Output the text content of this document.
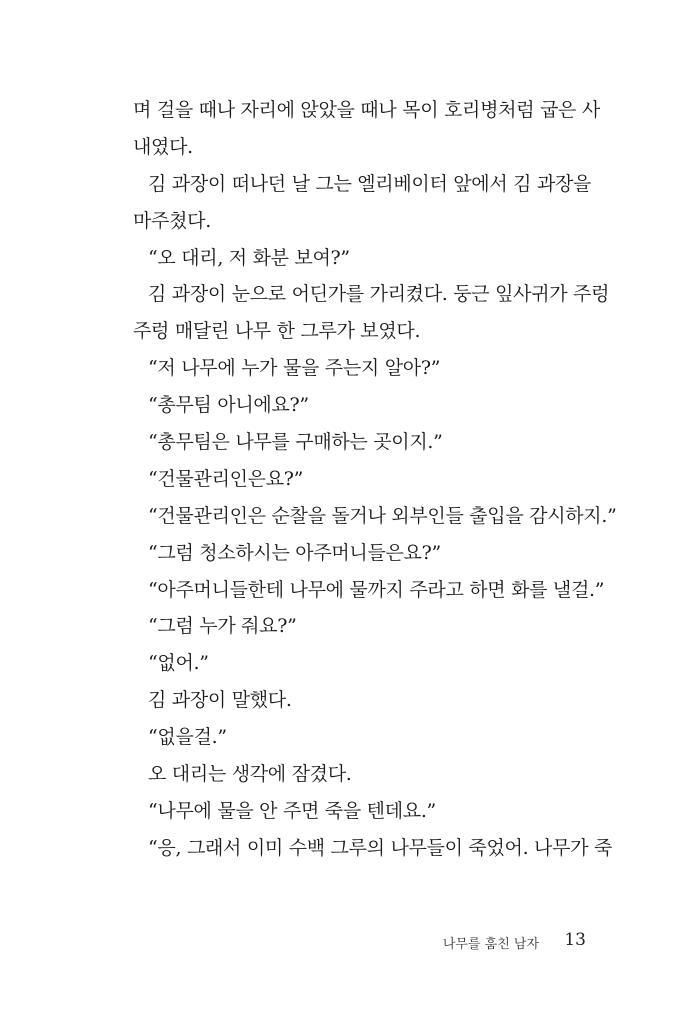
며 걸을 때나 자리에 앉았을 때나 목이 호리병처럼 굽은 사
내였다.
김 과장이 떠나던 날 그는 엘리베이터 앞에서 김 과장을
마주쳤다.
“오 대리, 저 화분 보여?”
김 과장이 눈으로 어딘가를 가리켰다. 둥근 잎사귀가 주렁
주렁 매달린 나무 한 그루가 보였다.
“저 나무에 누가 물을 주는지 알아?”
“총무팀 아니에요?”
“총무팀은 나무를 구매하는 곳이지.”
“건물관리인은요?”
“건물관리인은 순찰을 돌거나 외부인들 출입을 감시하지.”
“그럼 청소하시는 아주머니들은요?”
“아주머니들한테 나무에 물까지 주라고 하면 화를 낼걸.”
“그럼 누가 줘요?”
“없어.”
김 과장이 말했다.
“없을걸.”
오 대리는 생각에 잠겼다.
“나무에 물을 안 주면 죽을 텐데요.”
“응, 그래서 이미 수백 그루의 나무들이 죽었어. 나무가 죽
나무를 훔친 남자 13
